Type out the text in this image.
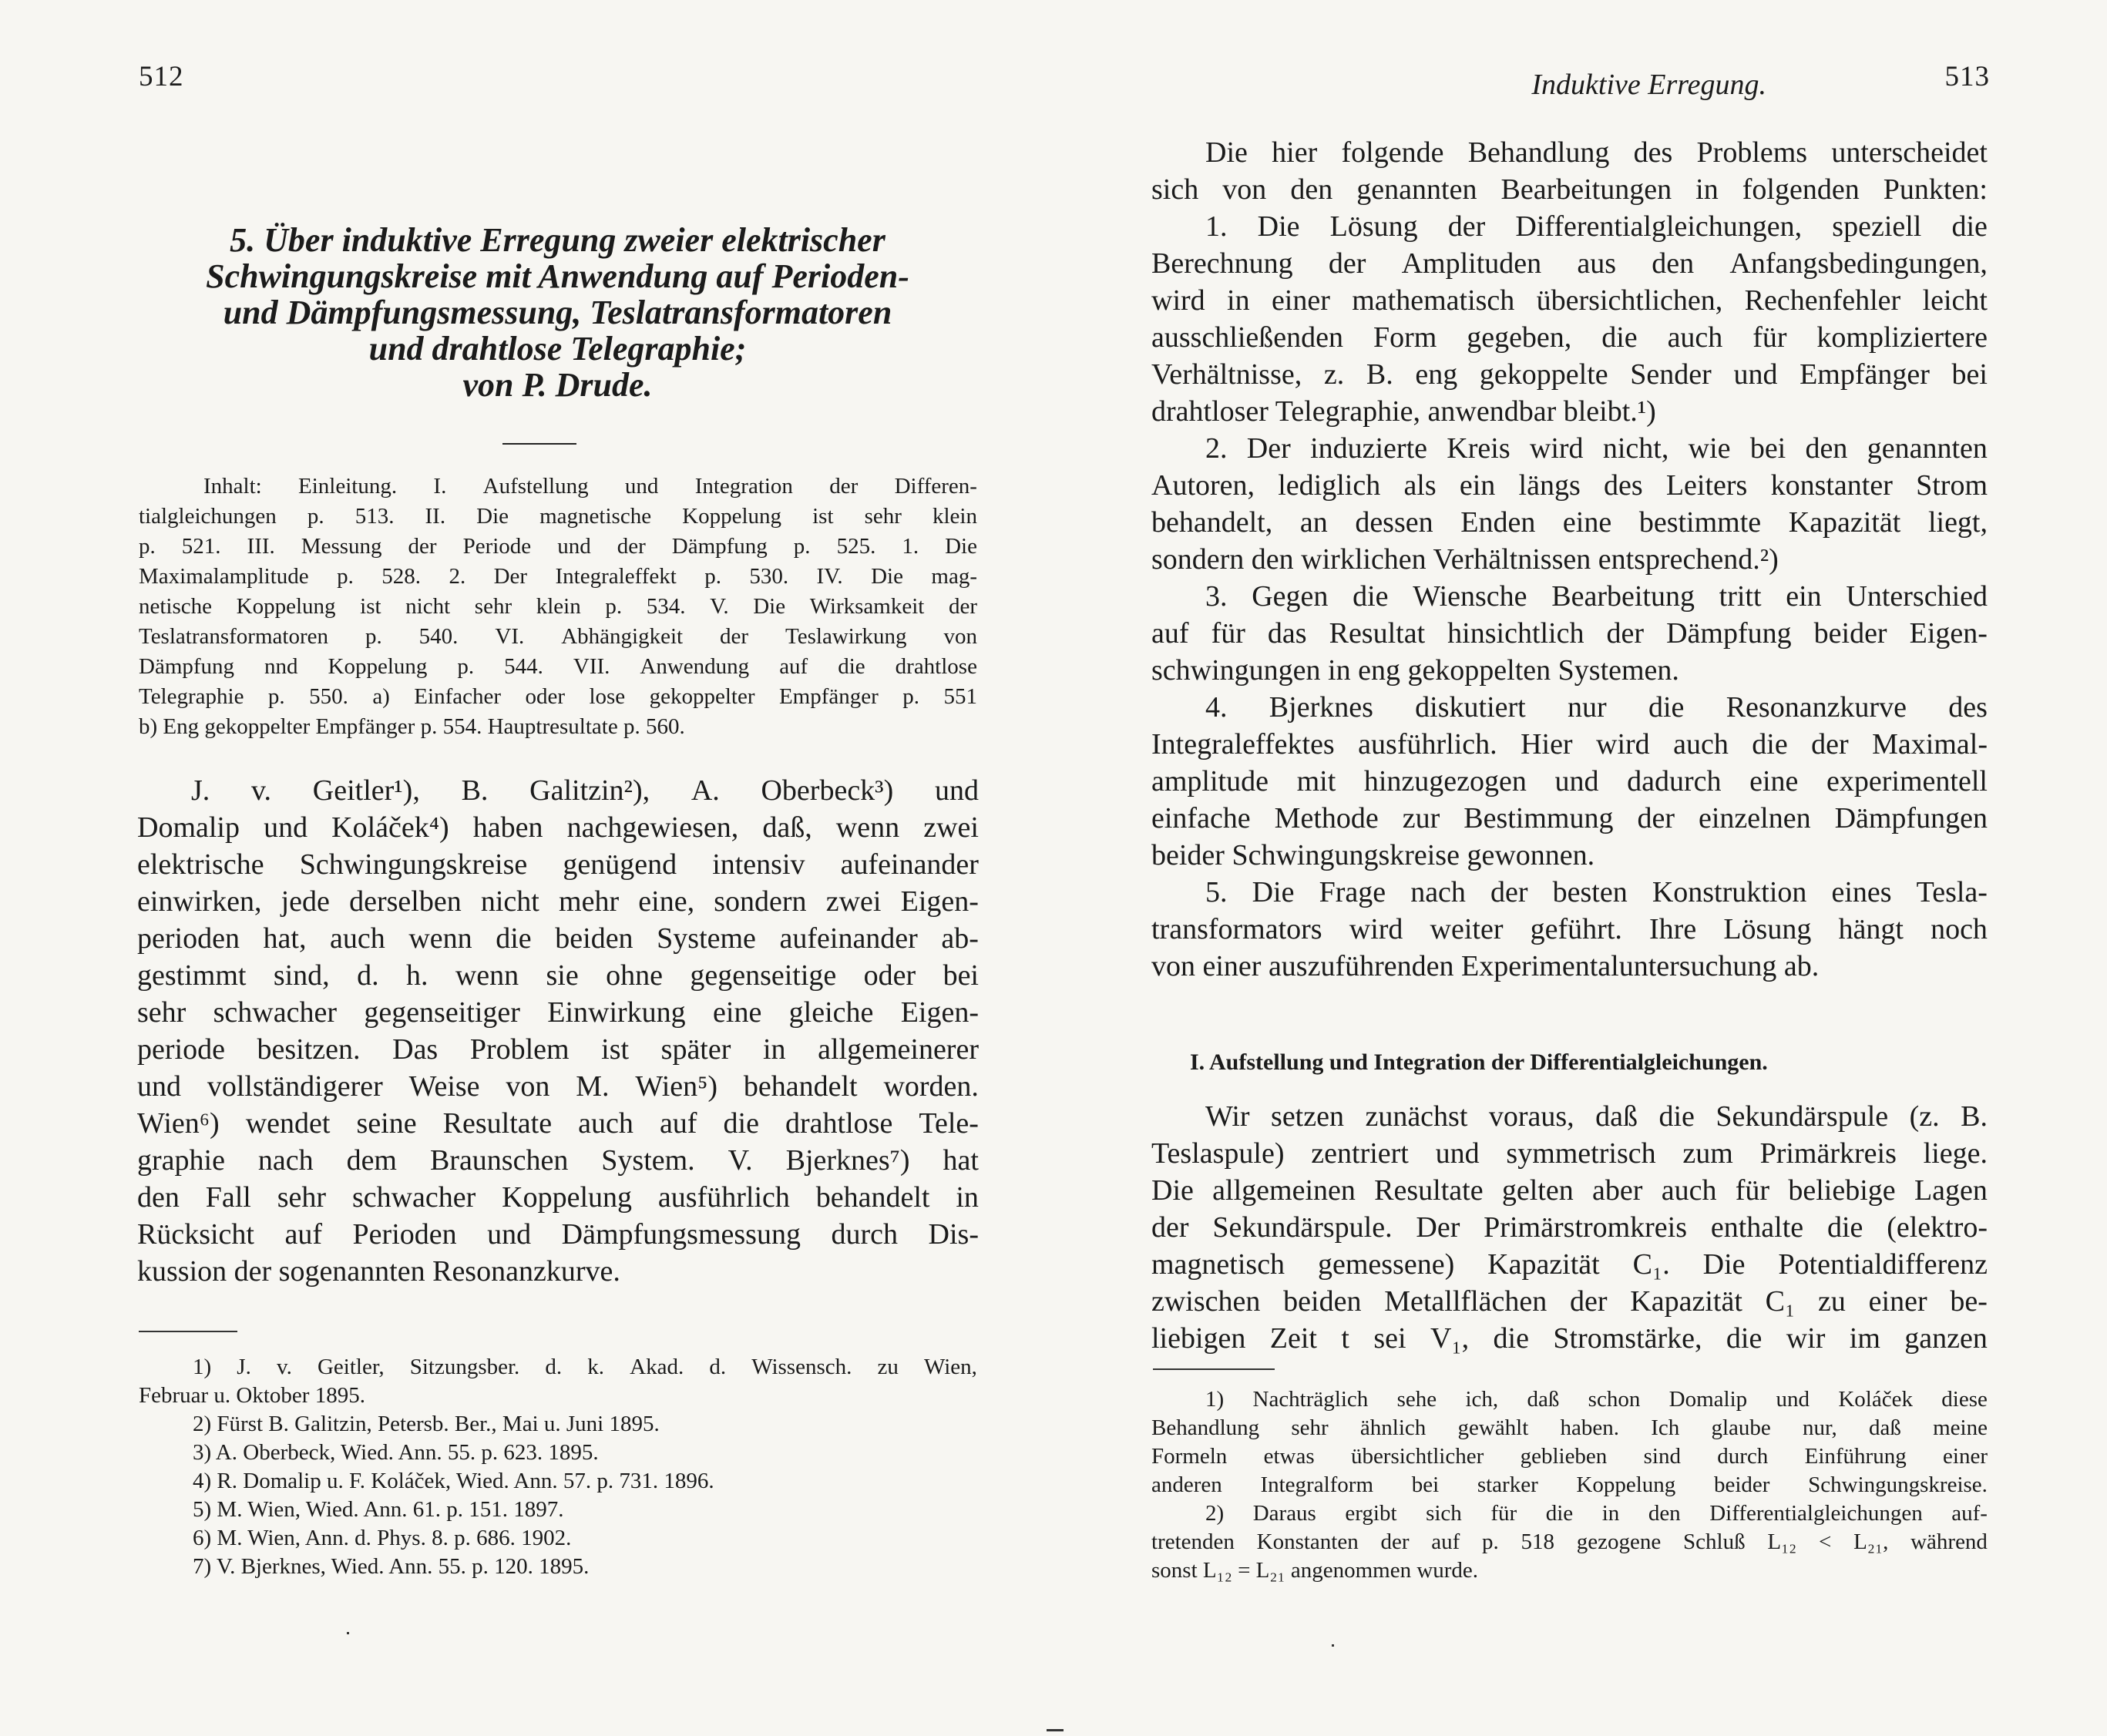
512
5. Über induktive Erregung zweier elektrischer
Schwingungskreise mit Anwendung auf Perioden-
und Dämpfungsmessung, Teslatransformatoren
und drahtlose Telegraphie;
von P. Drude.
Inhalt: Einleitung. I. Aufstellung und Integration der Differen-
tialgleichungen p. 513. II. Die magnetische Koppelung ist sehr klein
p. 521. III. Messung der Periode und der Dämpfung p. 525. 1. Die
Maximalamplitude p. 528. 2. Der Integraleffekt p. 530. IV. Die mag-
netische Koppelung ist nicht sehr klein p. 534. V. Die Wirksamkeit der
Teslatransformatoren p. 540. VI. Abhängigkeit der Teslawirkung von
Dämpfung nnd Koppelung p. 544. VII. Anwendung auf die drahtlose
Telegraphie p. 550. a) Einfacher oder lose gekoppelter Empfänger p. 551
b) Eng gekoppelter Empfänger p. 554. Hauptresultate p. 560.
J. v. Geitler¹), B. Galitzin²), A. Oberbeck³) und
Domalip und Koláček⁴) haben nachgewiesen, daß, wenn zwei
elektrische Schwingungskreise genügend intensiv aufeinander
einwirken, jede derselben nicht mehr eine, sondern zwei Eigen-
perioden hat, auch wenn die beiden Systeme aufeinander ab-
gestimmt sind, d. h. wenn sie ohne gegenseitige oder bei
sehr schwacher gegenseitiger Einwirkung eine gleiche Eigen-
periode besitzen. Das Problem ist später in allgemeinerer
und vollständigerer Weise von M. Wien⁵) behandelt worden.
Wien⁶) wendet seine Resultate auch auf die drahtlose Tele-
graphie nach dem Braunschen System. V. Bjerknes⁷) hat
den Fall sehr schwacher Koppelung ausführlich behandelt in
Rücksicht auf Perioden und Dämpfungsmessung durch Dis-
kussion der sogenannten Resonanzkurve.
1) J. v. Geitler, Sitzungsber. d. k. Akad. d. Wissensch. zu Wien,
Februar u. Oktober 1895.
2) Fürst B. Galitzin, Petersb. Ber., Mai u. Juni 1895.
3) A. Oberbeck, Wied. Ann. 55. p. 623. 1895.
4) R. Domalip u. F. Koláček, Wied. Ann. 57. p. 731. 1896.
5) M. Wien, Wied. Ann. 61. p. 151. 1897.
6) M. Wien, Ann. d. Phys. 8. p. 686. 1902.
7) V. Bjerknes, Wied. Ann. 55. p. 120. 1895.
Induktive Erregung.	513
Die hier folgende Behandlung des Problems unterscheidet
sich von den genannten Bearbeitungen in folgenden Punkten:
1. Die Lösung der Differentialgleichungen, speziell die
Berechnung der Amplituden aus den Anfangsbedingungen,
wird in einer mathematisch übersichtlichen, Rechenfehler leicht
ausschließenden Form gegeben, die auch für kompliziertere
Verhältnisse, z. B. eng gekoppelte Sender und Empfänger bei
drahtloser Telegraphie, anwendbar bleibt.¹)
2. Der induzierte Kreis wird nicht, wie bei den genannten
Autoren, lediglich als ein längs des Leiters konstanter Strom
behandelt, an dessen Enden eine bestimmte Kapazität liegt,
sondern den wirklichen Verhältnissen entsprechend.²)
3. Gegen die Wiensche Bearbeitung tritt ein Unterschied
auf für das Resultat hinsichtlich der Dämpfung beider Eigen-
schwingungen in eng gekoppelten Systemen.
4. Bjerknes diskutiert nur die Resonanzkurve des
Integraleffektes ausführlich. Hier wird auch die der Maximal-
amplitude mit hinzugezogen und dadurch eine experimentell
einfache Methode zur Bestimmung der einzelnen Dämpfungen
beider Schwingungskreise gewonnen.
5. Die Frage nach der besten Konstruktion eines Tesla-
transformators wird weiter geführt. Ihre Lösung hängt noch
von einer auszuführenden Experimentaluntersuchung ab.
I. Aufstellung und Integration der Differentialgleichungen.
Wir setzen zunächst voraus, daß die Sekundärspule (z. B.
Teslaspule) zentriert und symmetrisch zum Primärkreis liege.
Die allgemeinen Resultate gelten aber auch für beliebige Lagen
der Sekundärspule. Der Primärstromkreis enthalte die (elektro-
magnetisch gemessene) Kapazität C₁. Die Potentialdifferenz
zwischen beiden Metallflächen der Kapazität C₁ zu einer be-
liebigen Zeit t sei V₁, die Stromstärke, die wir im ganzen
1) Nachträglich sehe ich, daß schon Domalip und Koláček diese
Behandlung sehr ähnlich gewählt haben. Ich glaube nur, daß meine
Formeln etwas übersichtlicher geblieben sind durch Einführung einer
anderen Integralform bei starker Koppelung beider Schwingungskreise.
2) Daraus ergibt sich für die in den Differentialgleichungen auf-
tretenden Konstanten der auf p. 518 gezogene Schluß L₁₂ < L₂₁, während
sonst L₁₂ = L₂₁ angenommen wurde.
